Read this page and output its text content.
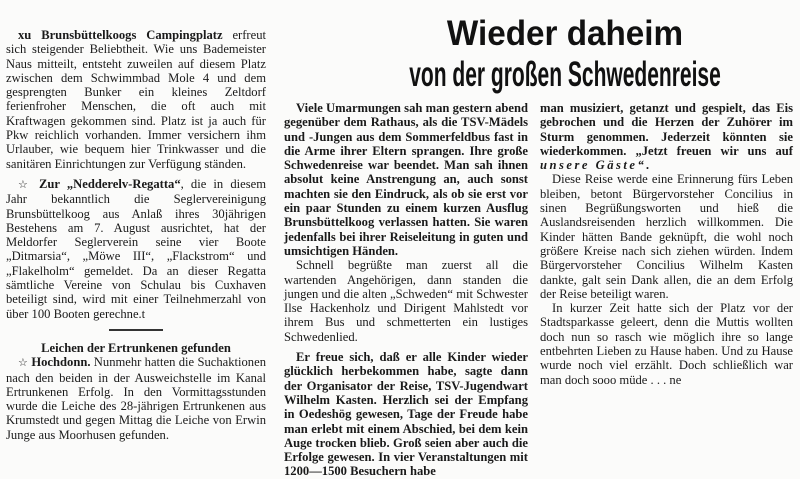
Wieder daheim
von der großen Schwedenreise

xu Brunsbüttelkoogs Campingplatz erfreut sich steigender Beliebtheit. Wie uns Bademeister Naus mitteilt, entsteht zuweilen auf diesem Platz zwischen dem Schwimmbad Mole 4 und dem gesprengten Bunker ein kleines Zeltdorf ferienfroher Menschen, die oft auch mit Kraftwagen gekommen sind. Platz ist ja auch für Pkw reichlich vorhanden. Immer versichern ihm Urlauber, wie bequem hier Trinkwasser und die sanitären Einrichtungen zur Verfügung ständen.

☆ Zur „Nedderelv-Regatta“, die in diesem Jahr bekanntlich die Seglervereinigung Brunsbüttelkoog aus Anlaß ihres 30jährigen Bestehens am 7. August ausrichtet, hat der Meldorfer Seglerverein seine vier Boote „Ditmarsia“, „Möwe III“, „Flackstrom“ und „Flakelholm“ gemeldet. Da an dieser Regatta sämtliche Vereine von Schulau bis Cuxhaven beteiligt sind, wird mit einer Teilnehmerzahl von über 100 Booten gerechne.t

Leichen der Ertrunkenen gefunden

☆ Hochdonn. Nunmehr hatten die Suchaktionen nach den beiden in der Ausweichstelle im Kanal Ertrunkenen Erfolg. In den Vormittagsstunden wurde die Leiche des 28-jährigen Ertrunkenen aus Krumstedt und gegen Mittag die Leiche von Erwin Junge aus Moorhusen gefunden.

Viele Umarmungen sah man gestern abend gegenüber dem Rathaus, als die TSV-Mädels und -Jungen aus dem Sommerfeldbus fast in die Arme ihrer Eltern sprangen. Ihre große Schwedenreise war beendet. Man sah ihnen absolut keine Anstrengung an, auch sonst machten sie den Eindruck, als ob sie erst vor ein paar Stunden zu einem kurzen Ausflug Brunsbüttelkoog verlassen hatten. Sie waren jedenfalls bei ihrer Reiseleitung in guten und umsichtigen Händen.

Schnell begrüßte man zuerst all die wartenden Angehörigen, dann standen die jungen und die alten „Schweden“ mit Schwester Ilse Hackenholz und Dirigent Mahlstedt vor ihrem Bus und schmetterten ein lustiges Schwedenlied.

Er freue sich, daß er alle Kinder wieder glücklich herbekommen habe, sagte dann der Organisator der Reise, TSV-Jugendwart Wilhelm Kasten. Herzlich sei der Empfang in Oedeshög gewesen, Tage der Freude habe man erlebt mit einem Abschied, bei dem kein Auge trocken blieb. Groß seien aber auch die Erfolge gewesen. In vier Veranstaltungen mit 1200—1500 Besuchern habe

man musiziert, getanzt und gespielt, das Eis gebrochen und die Herzen der Zuhörer im Sturm genommen. Jederzeit könnten sie wiederkommen. „Jetzt freuen wir uns auf unsere Gäste“.

Diese Reise werde eine Erinnerung fürs Leben bleiben, betont Bürgervorsteher Concilius in sinen Begrüßungsworten und hieß die Auslandsreisenden herzlich willkommen. Die Kinder hätten Bande geknüpft, die wohl noch größere Kreise nach sich ziehen würden. Indem Bürgervorsteher Concilius Wilhelm Kasten dankte, galt sein Dank allen, die an dem Erfolg der Reise beteiligt waren.

In kurzer Zeit hatte sich der Platz vor der Stadtsparkasse geleert, denn die Muttis wollten doch nun so rasch wie möglich ihre so lange entbehrten Lieben zu Hause haben. Und zu Hause wurde noch viel erzählt. Doch schließlich war man doch sooo müde . . . ne
